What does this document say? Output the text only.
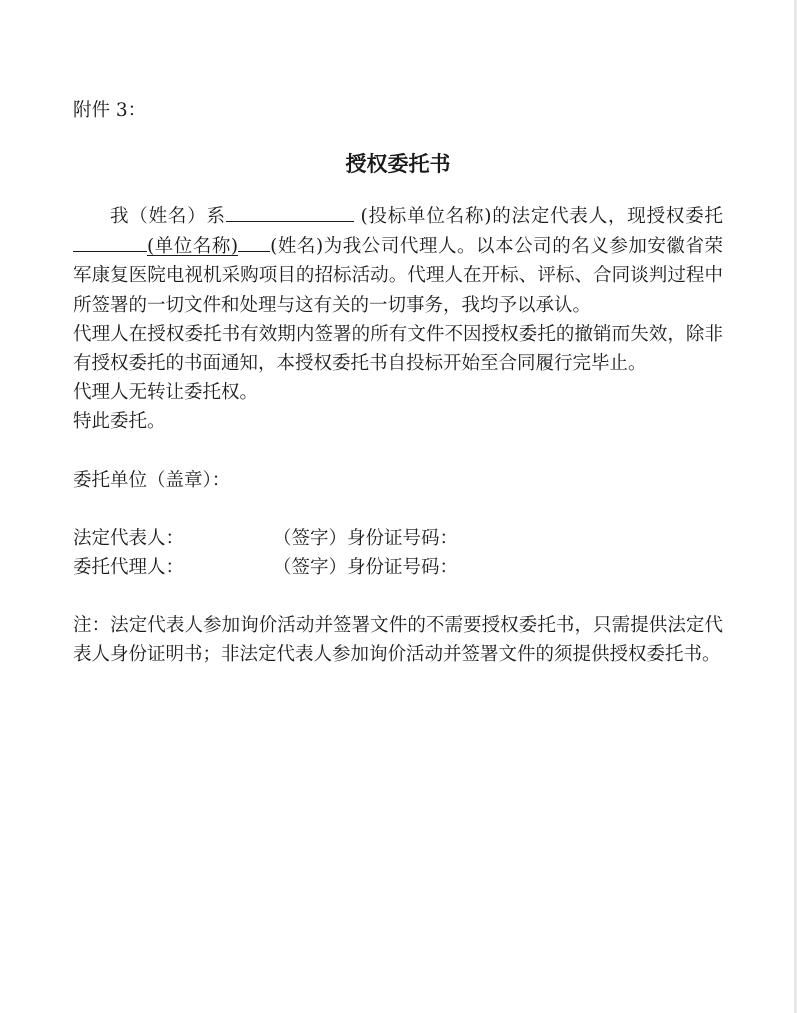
附件 3：

授权委托书

我（姓名）系	(投标单位名称)的法定代表人，现授权委托(单位名称) (姓名)为我公司代理人。以本公司的名义参加安徽省荣军康复医院电视机采购项目的招标活动。代理人在开标、评标、合同谈判过程中所签署的一切文件和处理与这有关的一切事务，我均予以承认。

代理人在授权委托书有效期内签署的所有文件不因授权委托的撤销而失效，除非有授权委托的书面通知，本授权委托书自投标开始至合同履行完毕止。

代理人无转让委托权。

特此委托。

委托单位（盖章）：

法定代表人：	（签字）身份证号码：

委托代理人：	（签字）身份证号码：

注：法定代表人参加询价活动并签署文件的不需要授权委托书，只需提供法定代表人身份证明书；非法定代表人参加询价活动并签署文件的须提供授权委托书。
